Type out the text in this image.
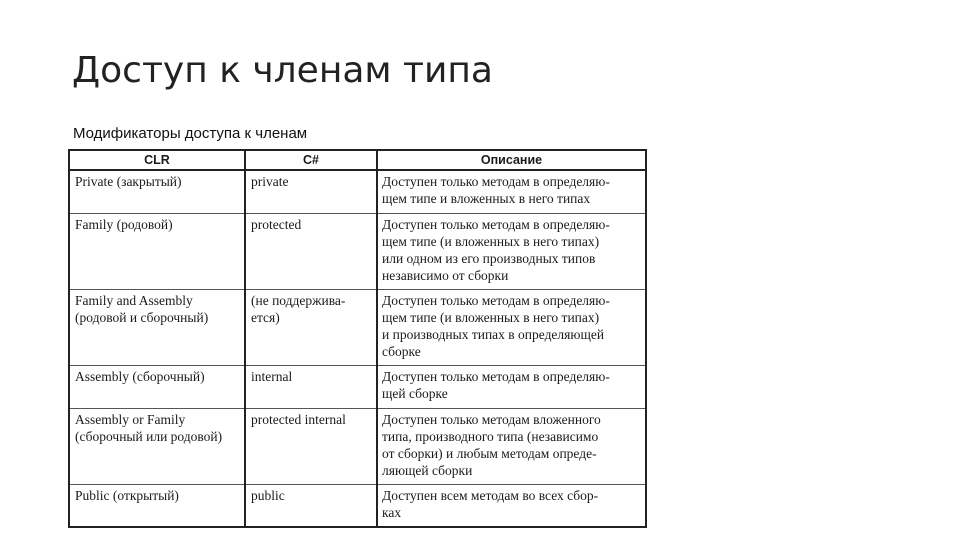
Доступ к членам типа
Модификаторы доступа к членам
CLR	C#	Описание
Private (закрытый)	private	Доступен только методам в определяю-
щем типе и вложенных в него типах
Family (родовой)	protected	Доступен только методам в определяю-
щем типе (и вложенных в него типах)
или одном из его производных типов
независимо от сборки
Family and Assembly
(родовой и сборочный)	(не поддержива-
ется)	Доступен только методам в определяю-
щем типе (и вложенных в него типах)
и производных типах в определяющей
сборке
Assembly (сборочный)	internal	Доступен только методам в определяю-
щей сборке
Assembly or Family
(сборочный или родовой)	protected internal	Доступен только методам вложенного
типа, производного типа (независимо
от сборки) и любым методам опреде-
ляющей сборки
Public (открытый)	public	Доступен всем методам во всех сбор-
ках
